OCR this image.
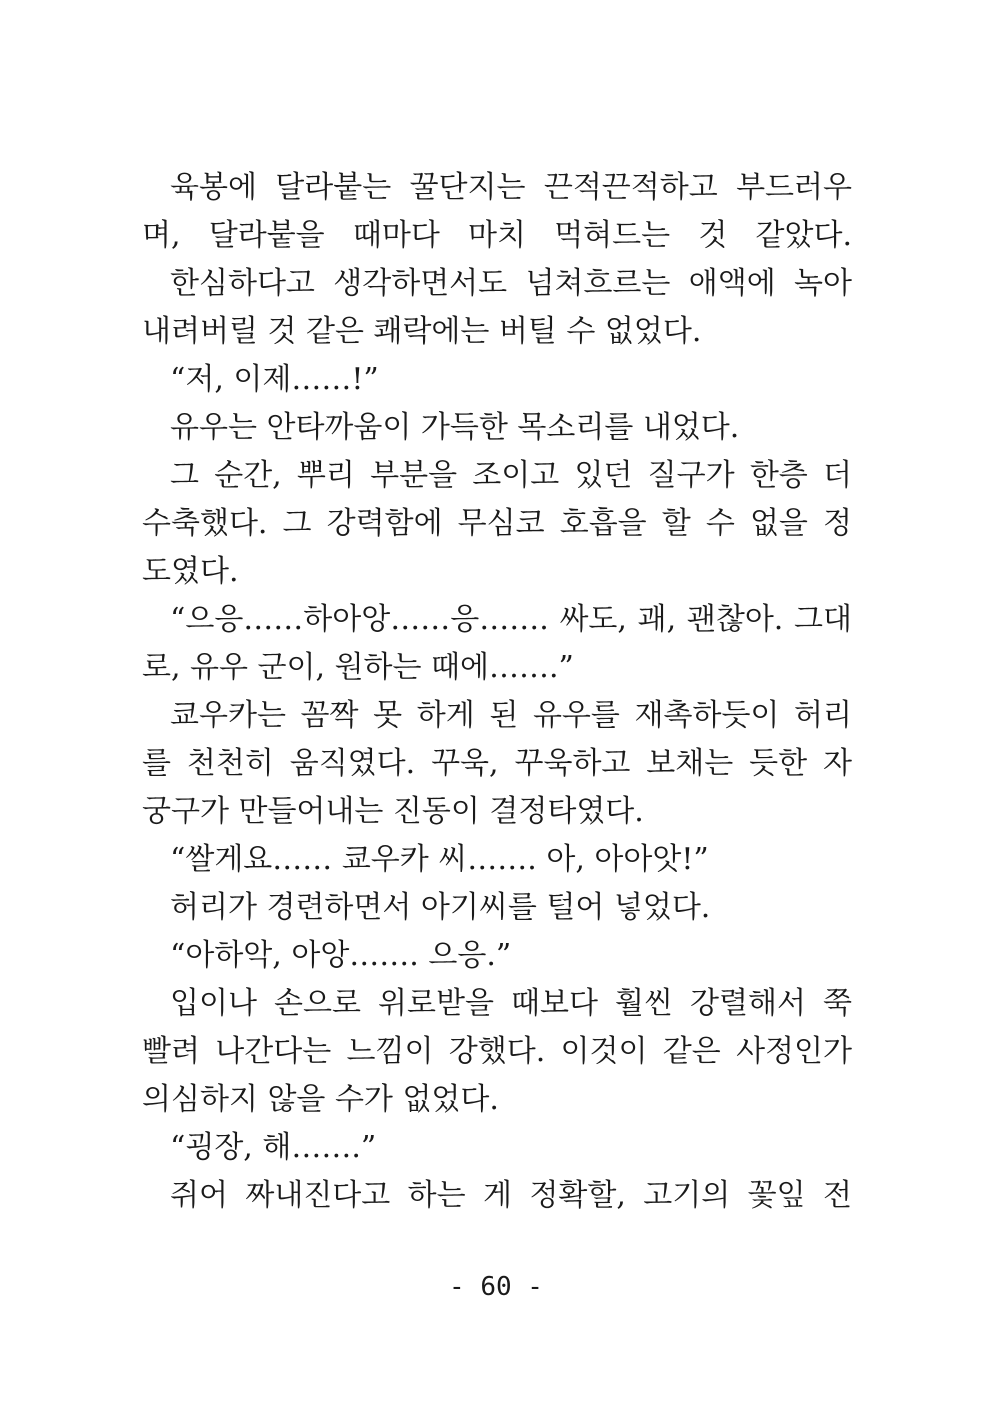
육봉에 달라붙는 꿀단지는 끈적끈적하고 부드러우
며, 달라붙을 때마다 마치 먹혀드는 것 같았다.
한심하다고 생각하면서도 넘쳐흐르는 애액에 녹아
내려버릴 것 같은 쾌락에는 버틸 수 없었다.
“저, 이제……!”
유우는 안타까움이 가득한 목소리를 내었다.
그 순간, 뿌리 부분을 조이고 있던 질구가 한층 더
수축했다. 그 강력함에 무심코 호흡을 할 수 없을 정
도였다.
“으응……하아앙……응……. 싸도, 괘, 괜찮아. 그대
로, 유우 군이, 원하는 때에…….”
쿄우카는 꼼짝 못 하게 된 유우를 재촉하듯이 허리
를 천천히 움직였다. 꾸욱, 꾸욱하고 보채는 듯한 자
궁구가 만들어내는 진동이 결정타였다.
“쌀게요…… 쿄우카 씨……. 아, 아아앗!”
허리가 경련하면서 아기씨를 털어 넣었다.
“아하악, 아앙……. 으응.”
입이나 손으로 위로받을 때보다 훨씬 강렬해서 쭉
빨려 나간다는 느낌이 강했다. 이것이 같은 사정인가
의심하지 않을 수가 없었다.
“굉장, 해…….”
쥐어 짜내진다고 하는 게 정확할, 고기의 꽃잎 전
- 60 -
